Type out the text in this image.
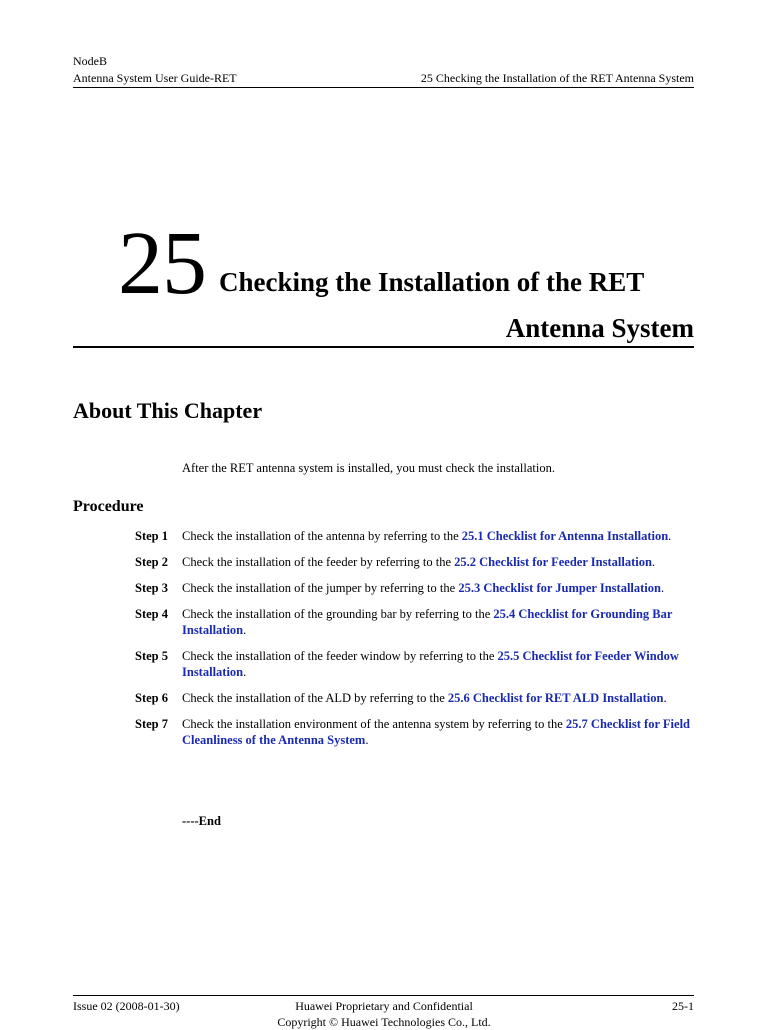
NodeB
Antenna System User Guide-RET	25 Checking the Installation of the RET Antenna System
25 Checking the Installation of the RET
Antenna System
About This Chapter
After the RET antenna system is installed, you must check the installation.
Procedure
Step 1	Check the installation of the antenna by referring to the 25.1 Checklist for Antenna Installation.
Step 2	Check the installation of the feeder by referring to the 25.2 Checklist for Feeder Installation.
Step 3	Check the installation of the jumper by referring to the 25.3 Checklist for Jumper Installation.
Step 4	Check the installation of the grounding bar by referring to the 25.4 Checklist for Grounding Bar Installation.
Step 5	Check the installation of the feeder window by referring to the 25.5 Checklist for Feeder Window Installation.
Step 6	Check the installation of the ALD by referring to the 25.6 Checklist for RET ALD Installation.
Step 7	Check the installation environment of the antenna system by referring to the 25.7 Checklist for Field Cleanliness of the Antenna System.
----End
Issue 02 (2008-01-30)	Huawei Proprietary and Confidential	25-1
Copyright © Huawei Technologies Co., Ltd.
